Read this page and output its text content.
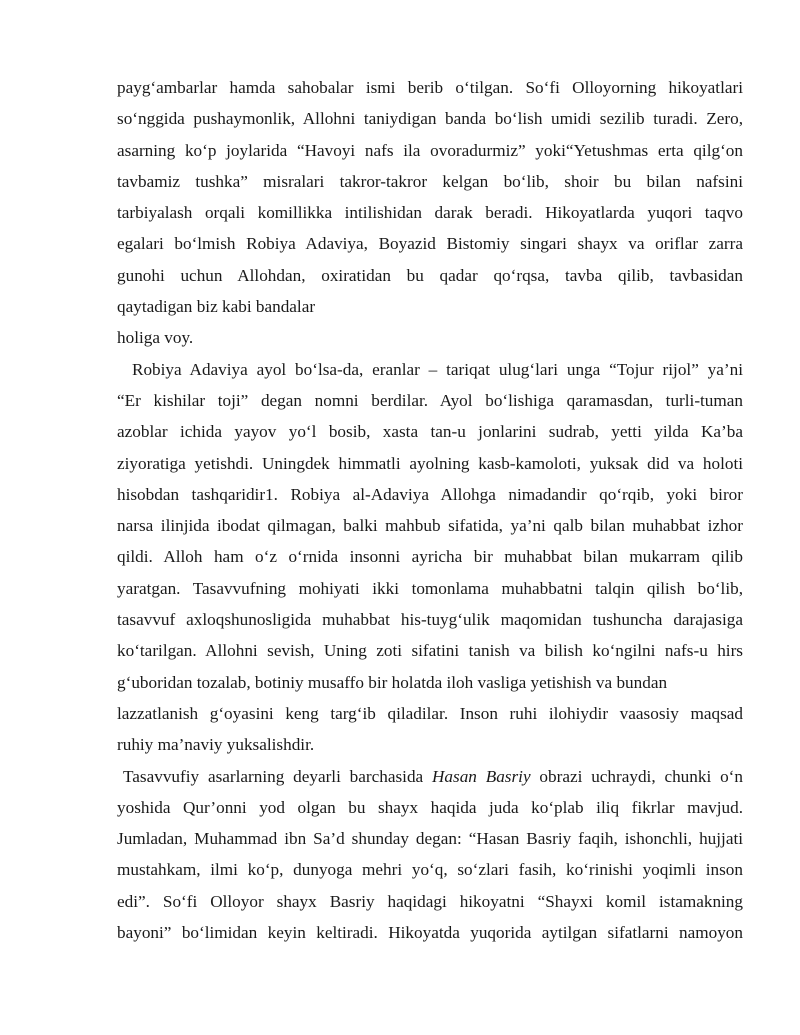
payg‘ambarlar hamda sahobalar ismi berib o‘tilgan. So‘fi Olloyorning hikoyatlari
so‘nggida pushaymonlik, Allohni taniydigan banda bo‘lish umidi sezilib turadi. Zero,
asarning ko‘p joylarida “Havoyi nafs ila ovoradurmiz” yoki“Yetushmas erta qilg‘on
tavbamiz tushka” misralari takror-takror kelgan bo‘lib, shoir bu bilan nafsini
tarbiyalash orqali komillikka intilishidan darak beradi. Hikoyatlarda yuqori taqvo
egalari bo‘lmish Robiya Adaviya, Boyazid Bistomiy singari shayx va oriflar zarra
gunohi uchun Allohdan, oxiratidan bu qadar qo‘rqsa, tavba qilib, tavbasidan
qaytadigan biz kabi bandalar
holiga voy.
Robiya Adaviya ayol bo‘lsa-da, eranlar – tariqat ulug‘lari unga “Tojur rijol” ya’ni
“Er kishilar toji” degan nomni berdilar. Ayol bo‘lishiga qaramasdan, turli-tuman
azoblar ichida yayov yo‘l bosib, xasta tan-u jonlarini sudrab, yetti yilda Ka’ba
ziyoratiga yetishdi. Uningdek himmatli ayolning kasb-kamoloti, yuksak did va holoti
hisobdan tashqaridir1. Robiya al-Adaviya Allohga nimadandir qo‘rqib, yoki biror
narsa ilinjida ibodat qilmagan, balki mahbub sifatida, ya’ni qalb bilan muhabbat izhor
qildi. Alloh ham o‘z o‘rnida insonni ayricha bir muhabbat bilan mukarram qilib
yaratgan. Tasavvufning mohiyati ikki tomonlama muhabbatni talqin qilish bo‘lib,
tasavvuf axloqshunosligida muhabbat his-tuyg‘ulik maqomidan tushuncha darajasiga
ko‘tarilgan. Allohni sevish, Uning zoti sifatini tanish va bilish ko‘ngilni nafs-u hirs
g‘uboridan tozalab, botiniy musaffo bir holatda iloh vasliga yetishish va bundan
lazzatlanish g‘oyasini keng targ‘ib qiladilar. Inson ruhi ilohiydir vaasosiy maqsad
ruhiy ma’naviy yuksalishdir.
Tasavvufiy asarlarning deyarli barchasida Hasan Basriy obrazi uchraydi, chunki o‘n
yoshida Qur’onni yod olgan bu shayx haqida juda ko‘plab iliq fikrlar mavjud.
Jumladan, Muhammad ibn Sa’d shunday degan: “Hasan Basriy faqih, ishonchli, hujjati
mustahkam, ilmi ko‘p, dunyoga mehri yo‘q, so‘zlari fasih, ko‘rinishi yoqimli inson
edi”. So‘fi Olloyor shayx Basriy haqidagi hikoyatni “Shayxi komil istamakning
bayoni” bo‘limidan keyin keltiradi. Hikoyatda yuqorida aytilgan sifatlarni namoyon
